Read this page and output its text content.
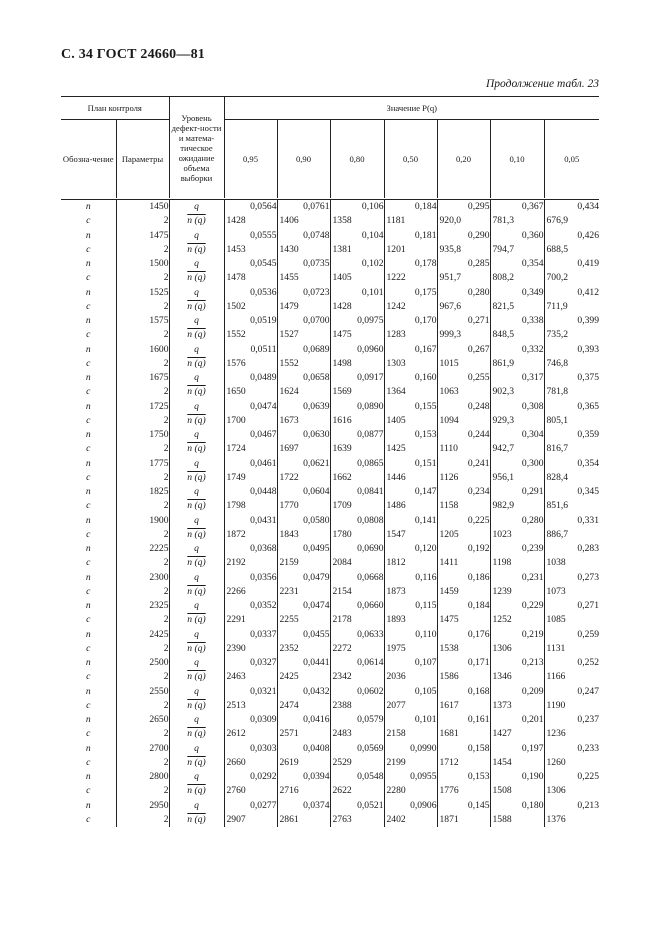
С. 34 ГОСТ 24660—81
Продолжение табл. 23
План контроля		Уровень дефект-ности и матема-тическое ожидание объема выборки	Значение P(q)						
Обозна-чение	Параметры		0,95	0,90	0,80	0,50	0,20	0,10	0,05

n	1450	q	0,0564	0,0761	0,106	0,184	0,295	0,367	0,434
c	2	n (q)	1428	1406	1358	1181	920,0	781,3	676,9
n	1475	q	0,0555	0,0748	0,104	0,181	0,290	0,360	0,426
c	2	n (q)	1453	1430	1381	1201	935,8	794,7	688,5
n	1500	q	0,0545	0,0735	0,102	0,178	0,285	0,354	0,419
c	2	n (q)	1478	1455	1405	1222	951,7	808,2	700,2
n	1525	q	0,0536	0,0723	0,101	0,175	0,280	0,349	0,412
c	2	n (q)	1502	1479	1428	1242	967,6	821,5	711,9
n	1575	q	0,0519	0,0700	0,0975	0,170	0,271	0,338	0,399
c	2	n (q)	1552	1527	1475	1283	999,3	848,5	735,2
n	1600	q	0,0511	0,0689	0,0960	0,167	0,267	0,332	0,393
c	2	n (q)	1576	1552	1498	1303	1015	861,9	746,8
n	1675	q	0,0489	0,0658	0,0917	0,160	0,255	0,317	0,375
c	2	n (q)	1650	1624	1569	1364	1063	902,3	781,8
n	1725	q	0,0474	0,0639	0,0890	0,155	0,248	0,308	0,365
c	2	n (q)	1700	1673	1616	1405	1094	929,3	805,1
n	1750	q	0,0467	0,0630	0,0877	0,153	0,244	0,304	0,359
c	2	n (q)	1724	1697	1639	1425	1110	942,7	816,7
n	1775	q	0,0461	0,0621	0,0865	0,151	0,241	0,300	0,354
c	2	n (q)	1749	1722	1662	1446	1126	956,1	828,4
n	1825	q	0,0448	0,0604	0,0841	0,147	0,234	0,291	0,345
c	2	n (q)	1798	1770	1709	1486	1158	982,9	851,6
n	1900	q	0,0431	0,0580	0,0808	0,141	0,225	0,280	0,331
c	2	n (q)	1872	1843	1780	1547	1205	1023	886,7
n	2225	q	0,0368	0,0495	0,0690	0,120	0,192	0,239	0,283
c	2	n (q)	2192	2159	2084	1812	1411	1198	1038
n	2300	q	0,0356	0,0479	0,0668	0,116	0,186	0,231	0,273
c	2	n (q)	2266	2231	2154	1873	1459	1239	1073
n	2325	q	0,0352	0,0474	0,0660	0,115	0,184	0,229	0,271
c	2	n (q)	2291	2255	2178	1893	1475	1252	1085
n	2425	q	0,0337	0,0455	0,0633	0,110	0,176	0,219	0,259
c	2	n (q)	2390	2352	2272	1975	1538	1306	1131
n	2500	q	0,0327	0,0441	0,0614	0,107	0,171	0,213	0,252
c	2	n (q)	2463	2425	2342	2036	1586	1346	1166
n	2550	q	0,0321	0,0432	0,0602	0,105	0,168	0,209	0,247
c	2	n (q)	2513	2474	2388	2077	1617	1373	1190
n	2650	q	0,0309	0,0416	0,0579	0,101	0,161	0,201	0,237
c	2	n (q)	2612	2571	2483	2158	1681	1427	1236
n	2700	q	0,0303	0,0408	0,0569	0,0990	0,158	0,197	0,233
c	2	n (q)	2660	2619	2529	2199	1712	1454	1260
n	2800	q	0,0292	0,0394	0,0548	0,0955	0,153	0,190	0,225
c	2	n (q)	2760	2716	2622	2280	1776	1508	1306
n	2950	q	0,0277	0,0374	0,0521	0,0906	0,145	0,180	0,213
c	2	n (q)	2907	2861	2763	2402	1871	1588	1376
